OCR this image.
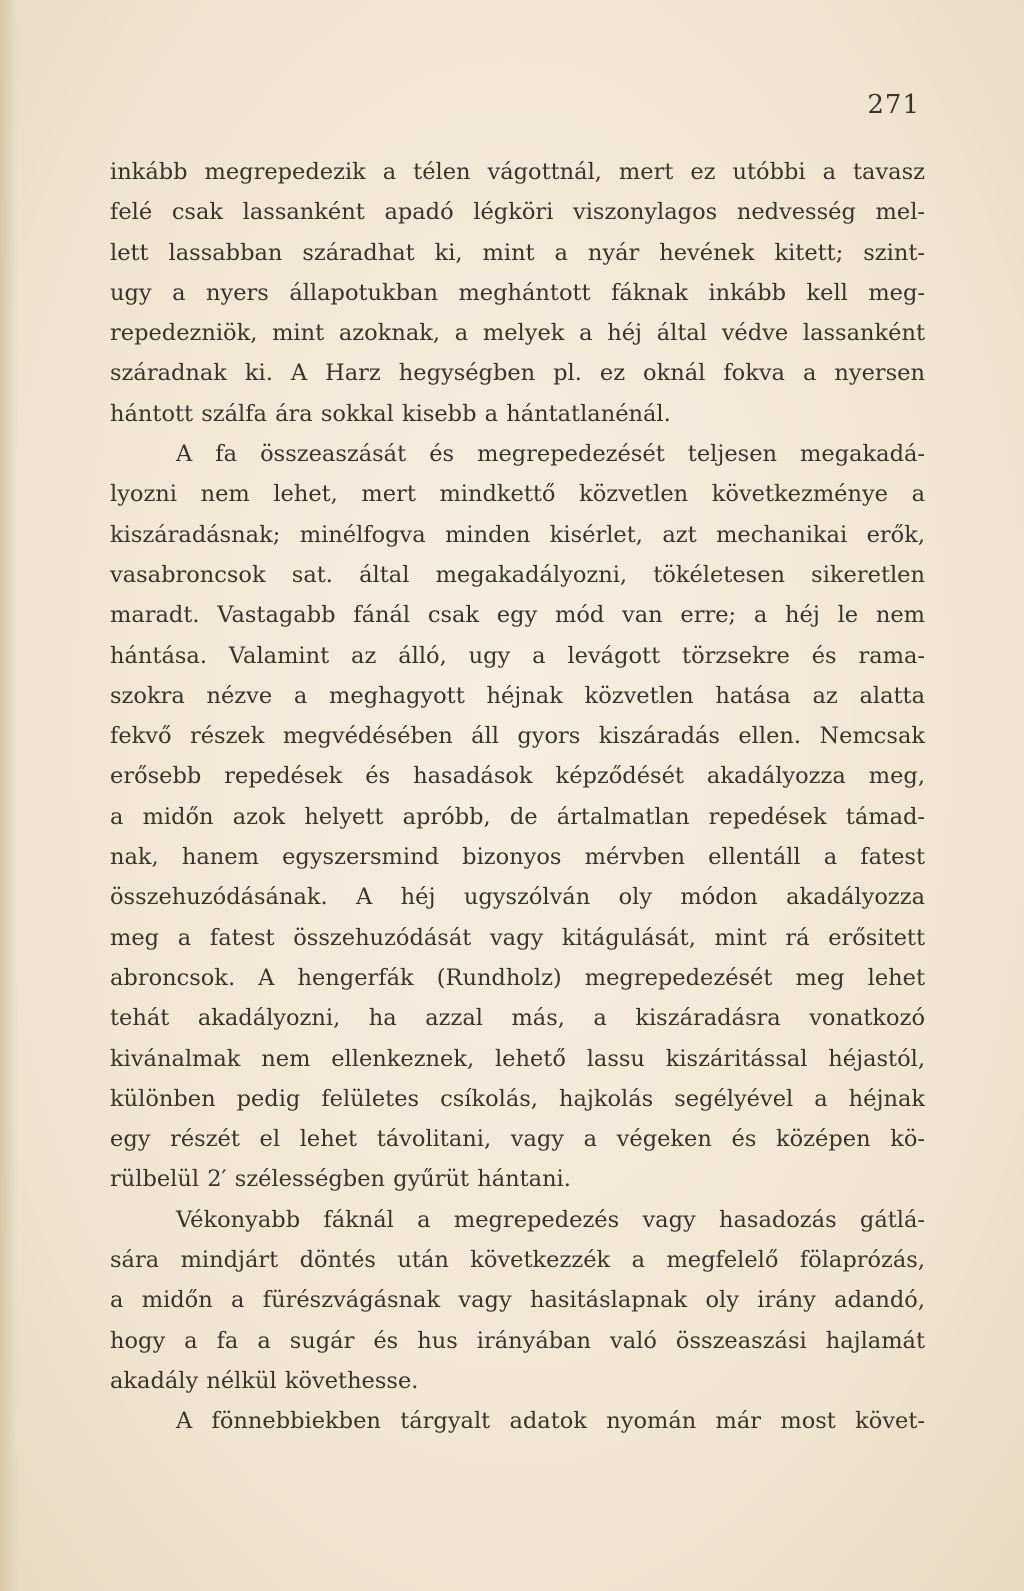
271
inkább megrepedezik a télen vágottnál, mert ez utóbbi a tavasz
felé csak lassanként apadó légköri viszonylagos nedvesség mel-
lett lassabban száradhat ki, mint a nyár hevének kitett; szint-
ugy a nyers állapotukban meghántott fáknak inkább kell meg-
repedezniök, mint azoknak, a melyek a héj által védve lassanként
száradnak ki. A Harz hegységben pl. ez oknál fokva a nyersen
hántott szálfa ára sokkal kisebb a hántatlanénál.
A fa összeaszását és megrepedezését teljesen megakadá-
lyozni nem lehet, mert mindkettő közvetlen következménye a
kiszáradásnak; minélfogva minden kisérlet, azt mechanikai erők,
vasabroncsok sat. által megakadályozni, tökéletesen sikeretlen
maradt. Vastagabb fánál csak egy mód van erre; a héj le nem
hántása. Valamint az álló, ugy a levágott törzsekre és rama-
szokra nézve a meghagyott héjnak közvetlen hatása az alatta
fekvő részek megvédésében áll gyors kiszáradás ellen. Nemcsak
erősebb repedések és hasadások képződését akadályozza meg,
a midőn azok helyett apróbb, de ártalmatlan repedések támad-
nak, hanem egyszersmind bizonyos mérvben ellentáll a fatest
összehuzódásának. A héj ugyszólván oly módon akadályozza
meg a fatest összehuzódását vagy kitágulását, mint rá erősitett
abroncsok. A hengerfák (Rundholz) megrepedezését meg lehet
tehát akadályozni, ha azzal más, a kiszáradásra vonatkozó
kivánalmak nem ellenkeznek, lehető lassu kiszáritással héjastól,
különben pedig felületes csíkolás, hajkolás segélyével a héjnak
egy részét el lehet távolitani, vagy a végeken és középen kö-
rülbelül 2′ szélességben gyűrüt hántani.
Vékonyabb fáknál a megrepedezés vagy hasadozás gátlá-
sára mindjárt döntés után következzék a megfelelő fölaprózás,
a midőn a fürészvágásnak vagy hasitáslapnak oly irány adandó,
hogy a fa a sugár és hus irányában való összeaszási hajlamát
akadály nélkül követhesse.
A fönnebbiekben tárgyalt adatok nyomán már most követ-
